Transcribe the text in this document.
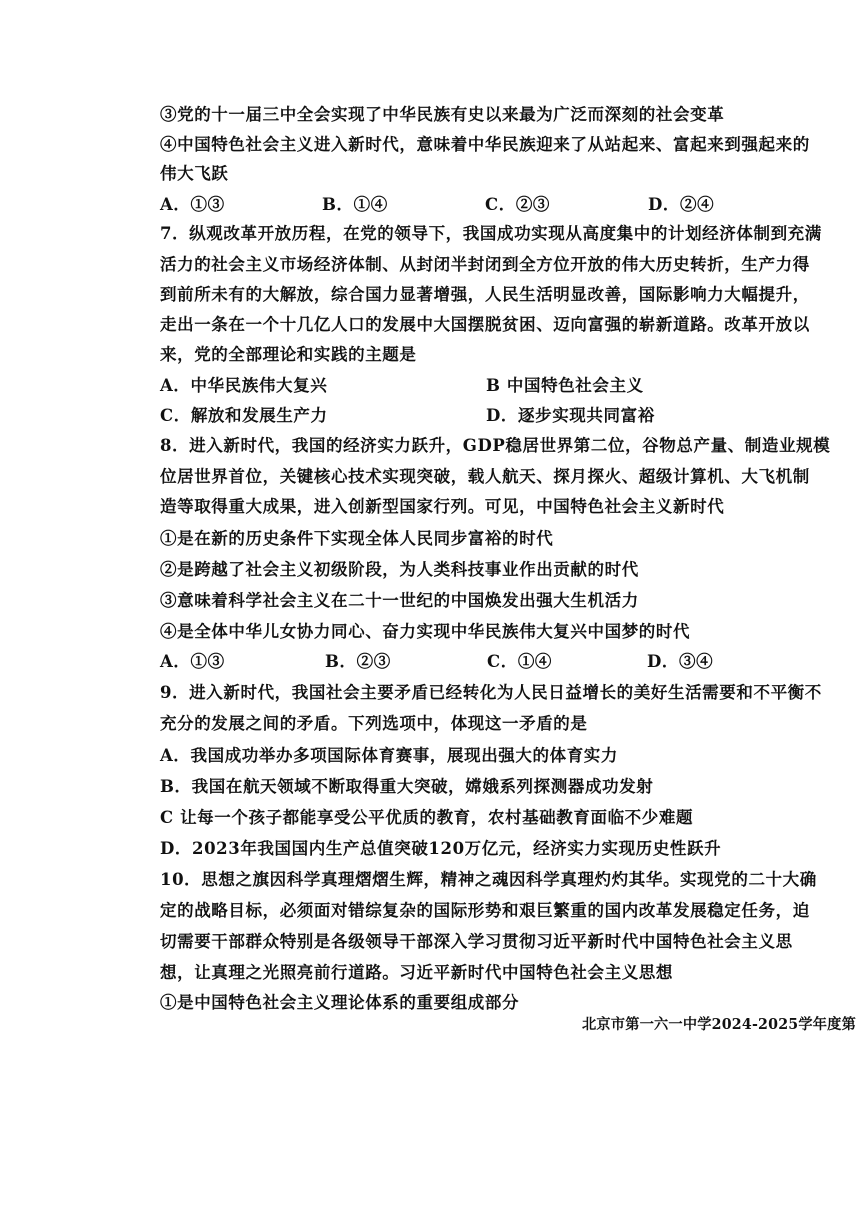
③党的十一届三中全会实现了中华民族有史以来最为广泛而深刻的社会变革
④中国特色社会主义进入新时代，意味着中华民族迎来了从站起来、富起来到强起来的
伟大飞跃
A．①③	B．①④	C．②③	D．②④
7．纵观改革开放历程，在党的领导下，我国成功实现从高度集中的计划经济体制到充满
活力的社会主义市场经济体制、从封闭半封闭到全方位开放的伟大历史转折，生产力得
到前所未有的大解放，综合国力显著增强，人民生活明显改善，国际影响力大幅提升，
走出一条在一个十几亿人口的发展中大国摆脱贫困、迈向富强的崭新道路。改革开放以
来，党的全部理论和实践的主题是
A．中华民族伟大复兴	B 中国特色社会主义
C．解放和发展生产力	D．逐步实现共同富裕
8．进入新时代，我国的经济实力跃升，GDP稳居世界第二位，谷物总产量、制造业规模
位居世界首位，关键核心技术实现突破，载人航天、探月探火、超级计算机、大飞机制
造等取得重大成果，进入创新型国家行列。可见，中国特色社会主义新时代
①是在新的历史条件下实现全体人民同步富裕的时代
②是跨越了社会主义初级阶段，为人类科技事业作出贡献的时代
③意味着科学社会主义在二十一世纪的中国焕发出强大生机活力
④是全体中华儿女协力同心、奋力实现中华民族伟大复兴中国梦的时代
A．①③	B．②③	C．①④	D．③④
9．进入新时代，我国社会主要矛盾已经转化为人民日益增长的美好生活需要和不平衡不
充分的发展之间的矛盾。下列选项中，体现这一矛盾的是
A．我国成功举办多项国际体育赛事，展现出强大的体育实力
B．我国在航天领域不断取得重大突破，嫦娥系列探测器成功发射
C 让每一个孩子都能享受公平优质的教育，农村基础教育面临不少难题
D．2023年我国国内生产总值突破120万亿元，经济实力实现历史性跃升
10．思想之旗因科学真理熠熠生辉，精神之魂因科学真理灼灼其华。实现党的二十大确
定的战略目标，必须面对错综复杂的国际形势和艰巨繁重的国内改革发展稳定任务，迫
切需要干部群众特别是各级领导干部深入学习贯彻习近平新时代中国特色社会主义思
想，让真理之光照亮前行道路。习近平新时代中国特色社会主义思想
①是中国特色社会主义理论体系的重要组成部分
北京市第一六一中学2024-2025学年度第
